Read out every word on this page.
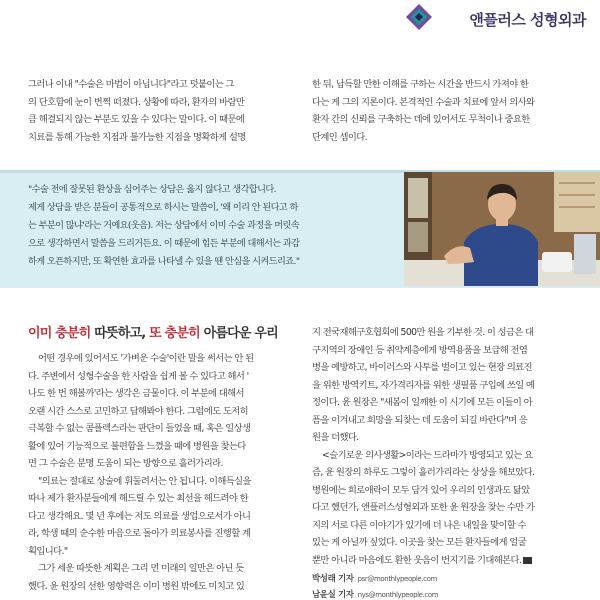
앤플러스 성형외과

그러나 이내 "수술은 마법이 아닙니다"라고 덧붙이는 그

의 단호함에 눈이 번쩍 떠졌다. 상황에 따라, 환자의 바람만

큼 해결되지 않는 부분도 있을 수 있다는 말이다. 이 때문에

치료를 통해 가능한 지점과 불가능한 지점을 명확하게 설명

한 뒤, 납득할 만한 이해를 구하는 시간을 반드시 가져야 한

다는 게 그의 지론이다. 본격적인 수술과 치료에 앞서 의사와

환자 간의 신뢰를 구축하는 데에 있어서도 무척이나 중요한

단계인 셈이다.

"수술 전에 잘못된 환상을 심어주는 상담은 옳지 않다고 생각합니다.

제게 상담을 받은 분들이 공통적으로 하시는 말씀이, '왜 이리 안 된다고 하

는 부분이 많냐'라는 거예요(웃음). 저는 상담에서 이미 수술 과정을 머릿속

으로 생각하면서 말씀을 드리거든요. 이 때문에 힘든 부분에 대해서는 과감

하게 오픈하지만, 또 확연한 효과를 나타낼 수 있을 땐 안심을 시켜드리죠."

이미 충분히 따뜻하고, 또 충분히 아름다운 우리

어떤 경우에 있어서도 '가벼운 수술'이란 말을 써서는 안 된

다. 주변에서 성형수술을 한 사람을 쉽게 볼 수 있다고 해서 '

나도 한 번 해볼까'라는 생각은 금물이다. 이 부분에 대해서

오랜 시간 스스로 고민하고 답해봐야 한다. 그럼에도 도저히

극복할 수 없는 콤플렉스라는 판단이 들었을 때, 혹은 일상생

활에 있어 기능적으로 불편함을 느꼈을 때에 병원을 찾는다

면 그 수술은 분명 도움이 되는 방향으로 흘러가리라.

"의료는 절대로 상술에 휘둘려서는 안 됩니다. 이해득실을

따나 제가 환자분들에게 해드릴 수 있는 최선을 해드려야 한

다고 생각해요. 몇 년 후에는 저도 의료를 생업으로서가 아니

라, 학생 때의 순수한 마음으로 돌아가 의료봉사를 진행할 계

획입니다."

그가 세운 따뜻한 계획은 그리 먼 미래의 일만은 아닌 듯

했다. 윤 원장의 선한 영향력은 이미 병원 밖에도 미치고 있

지 전국재해구호협회에 500만 원을 기부한 것. 이 성금은 대

구지역의 장애인 등 취약계층에게 방역용품을 보급해 전염

병을 예방하고, 바이러스와 사투를 벌이고 있는 현장 의료진

을 위한 방역키트, 자가격리자를 위한 생필품 구입에 쓰일 예

정이다. 윤 원장은 "새봄이 일깨한 이 시기에 모든 이들이 아

픔을 이겨내고 희망을 되찾는 데 도움이 되길 바란다"며 응

원을 더했다.

<슬기로운 의사생활>이라는 드라마가 방영되고 있는 요

즘, 윤 원장의 하루도 그렇이 흘러가리라는 상상을 해보았다.

병원에는 희로애락이 모두 담겨 있어 우리의 인생과도 닮았

다고 했던가, 앤플러스성형외과 또한 윤 원장을 찾는 수만 가

지의 서로 다른 이야기가 있기에 더 나은 내일을 맞이할 수

있는 게 아닐까 싶었다. 이곳을 찾는 모든 환자들에게 얼굴

뿐만 아니라 마음에도 환한 웃음이 번지기를 기대해본다.

박성래 기자 psr@monthlypeople.com
남윤실 기자 nys@monthlypeople.com
